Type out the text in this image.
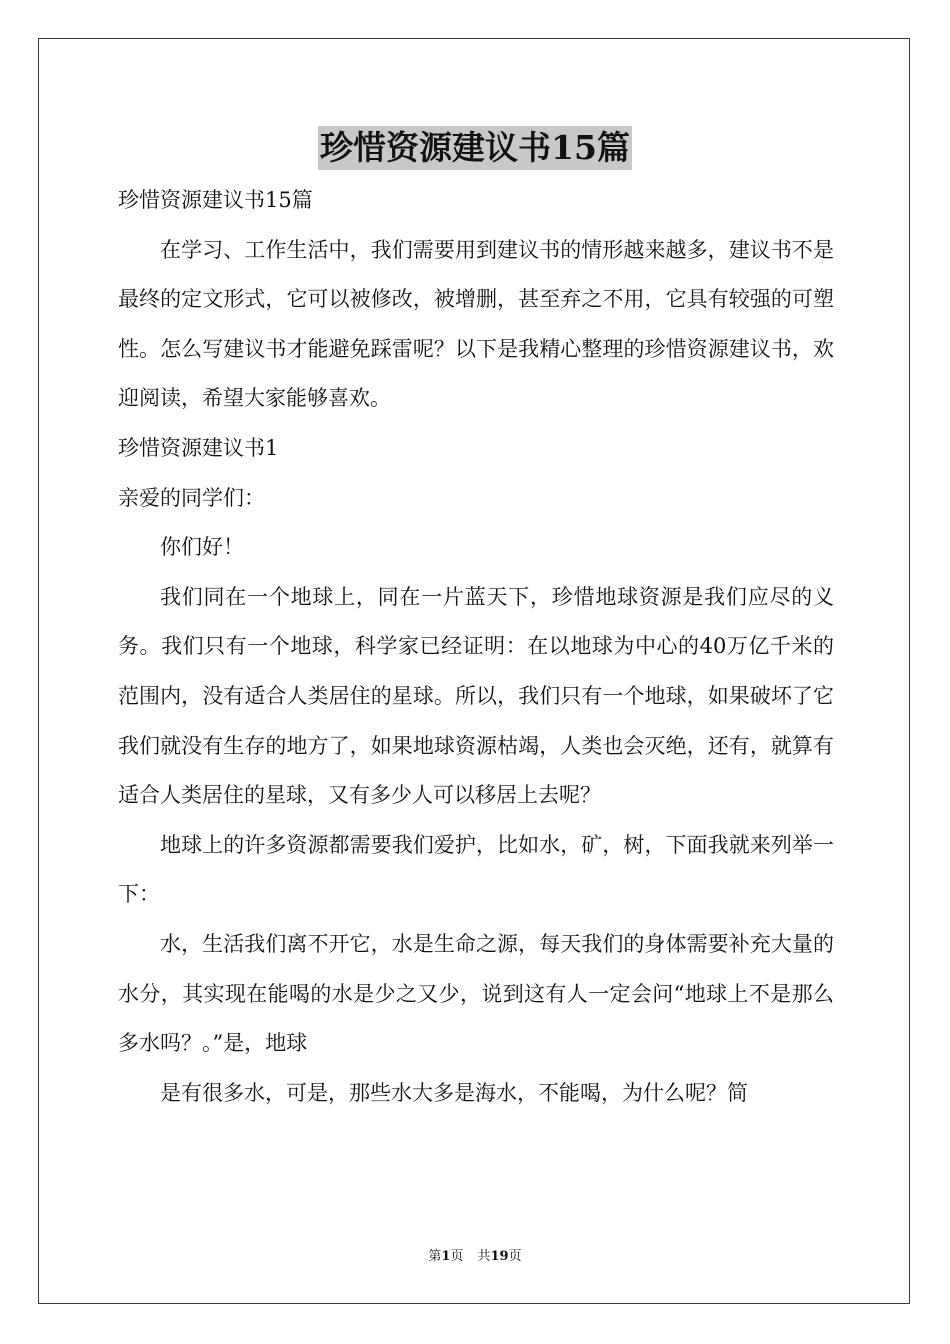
珍惜资源建议书15篇

珍惜资源建议书15篇

在学习、工作生活中，我们需要用到建议书的情形越来越多，建议书不是最终的定文形式，它可以被修改，被增删，甚至弃之不用，它具有较强的可塑性。怎么写建议书才能避免踩雷呢？以下是我精心整理的珍惜资源建议书，欢迎阅读，希望大家能够喜欢。

珍惜资源建议书1

亲爱的同学们：

你们好！

我们同在一个地球上，同在一片蓝天下，珍惜地球资源是我们应尽的义务。我们只有一个地球，科学家已经证明：在以地球为中心的40万亿千米的范围内，没有适合人类居住的星球。所以，我们只有一个地球，如果破坏了它我们就没有生存的地方了，如果地球资源枯竭，人类也会灭绝，还有，就算有适合人类居住的星球，又有多少人可以移居上去呢？

地球上的许多资源都需要我们爱护，比如水，矿，树，下面我就来列举一下：

水，生活我们离不开它，水是生命之源，每天我们的身体需要补充大量的水分，其实现在能喝的水是少之又少，说到这有人一定会问“地球上不是那么多水吗？。”是，地球

是有很多水，可是，那些水大多是海水，不能喝，为什么呢？简

第1页 共19页
